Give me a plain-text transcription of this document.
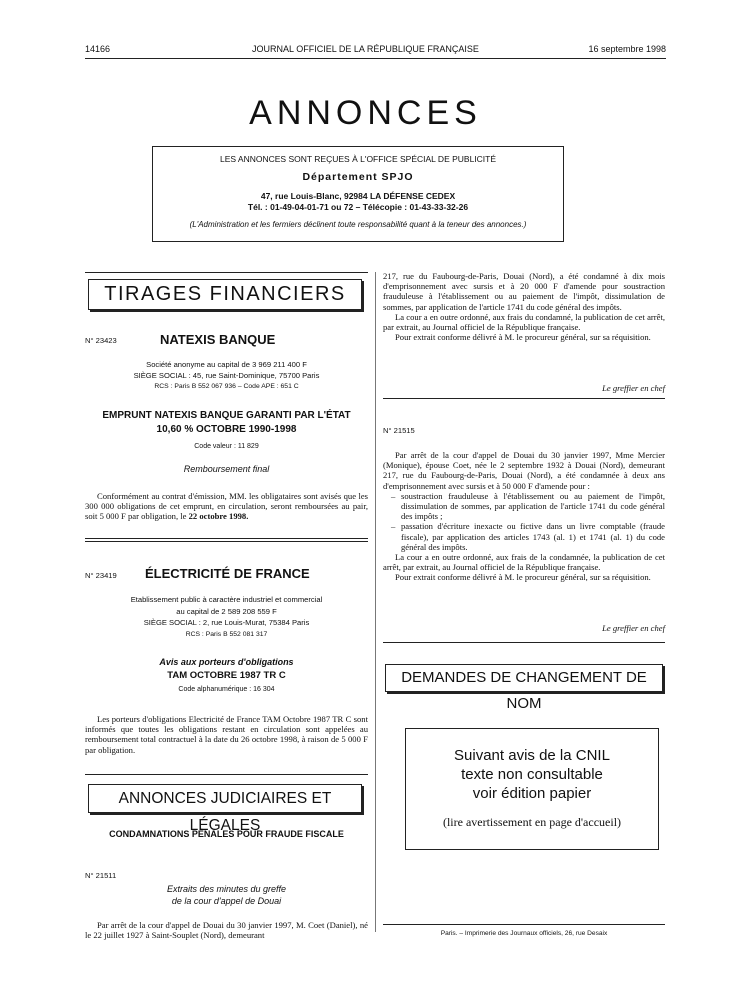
14166	JOURNAL OFFICIEL DE LA RÉPUBLIQUE FRANÇAISE	16 septembre 1998
ANNONCES
LES ANNONCES SONT REÇUES À L'OFFICE SPÉCIAL DE PUBLICITÉ
Département SPJO
47, rue Louis-Blanc, 92984 LA DÉFENSE CEDEX
Tél. : 01-49-04-01-71 ou 72 – Télécopie : 01-43-33-32-26
(L'Administration et les fermiers déclinent toute responsabilité quant à la teneur des annonces.)
TIRAGES FINANCIERS
N° 23423	NATEXIS BANQUE
Société anonyme au capital de 3 969 211 400 F
SIÈGE SOCIAL : 45, rue Saint-Dominique, 75700 Paris
RCS : Paris B 552 067 936 – Code APE : 651 C
EMPRUNT NATEXIS BANQUE GARANTI PAR L'ÉTAT
10,60 % OCTOBRE 1990-1998
Code valeur : 11 829
Remboursement final

Conformément au contrat d'émission, MM. les obligataires sont avisés que les 300 000 obligations de cet emprunt, en circulation, seront remboursées au pair, soit 5 000 F par obligation, le 22 octobre 1998.

N° 23419 ÉLECTRICITÉ DE FRANCE
Etablissement public à caractère industriel et commercial
au capital de 2 589 208 559 F
SIÈGE SOCIAL : 2, rue Louis-Murat, 75384 Paris
RCS : Paris B 552 081 317
Avis aux porteurs d'obligations
TAM OCTOBRE 1987 TR C
Code alphanumérique : 16 304

Les porteurs d'obligations Electricité de France TAM Octobre 1987 TR C sont informés que toutes les obligations restant en circulation sont appelées au remboursement total contractuel à la date du 26 octobre 1998, à raison de 5 000 F par obligation.

ANNONCES JUDICIAIRES ET LÉGALES
CONDAMNATIONS PÉNALES POUR FRAUDE FISCALE
N° 21511
Extraits des minutes du greffe
de la cour d'appel de Douai

Par arrêt de la cour d'appel de Douai du 30 janvier 1997, M. Coet (Daniel), né le 22 juillet 1927 à Saint-Souplet (Nord), demeurant

217, rue du Faubourg-de-Paris, Douai (Nord), a été condamné à dix mois d'emprisonnement avec sursis et à 20 000 F d'amende pour soustraction frauduleuse à l'établissement ou au paiement de l'impôt, dissimulation de sommes, par application de l'article 1741 du code général des impôts.

La cour a en outre ordonné, aux frais du condamné, la publication de cet arrêt, par extrait, au Journal officiel de la République française.

Pour extrait conforme délivré à M. le procureur général, sur sa réquisition.

Le greffier en chef
N° 21515

Par arrêt de la cour d'appel de Douai du 30 janvier 1997, Mme Mercier (Monique), épouse Coet, née le 2 septembre 1932 à Douai (Nord), demeurant 217, rue du Faubourg-de-Paris, Douai (Nord), a été condamnée à deux ans d'emprisonnement avec sursis et à 50 000 F d'amende pour :

– soustraction frauduleuse à l'établissement ou au paiement de l'impôt, dissimulation de sommes, par application de l'article 1741 du code général des impôts ;
– passation d'écriture inexacte ou fictive dans un livre comptable (fraude fiscale), par application des articles 1743 (al. 1) et 1741 (al. 1) du code général des impôts.

La cour a en outre ordonné, aux frais de la condamnée, la publication de cet arrêt, par extrait, au Journal officiel de la République française.

Pour extrait conforme délivré à M. le procureur général, sur sa réquisition.

Le greffier en chef
DEMANDES DE CHANGEMENT DE NOM
Suivant avis de la CNIL
texte non consultable
voir édition papier
(lire avertissement en page d'accueil)
Paris. – Imprimerie des Journaux officiels, 26, rue Desaix
